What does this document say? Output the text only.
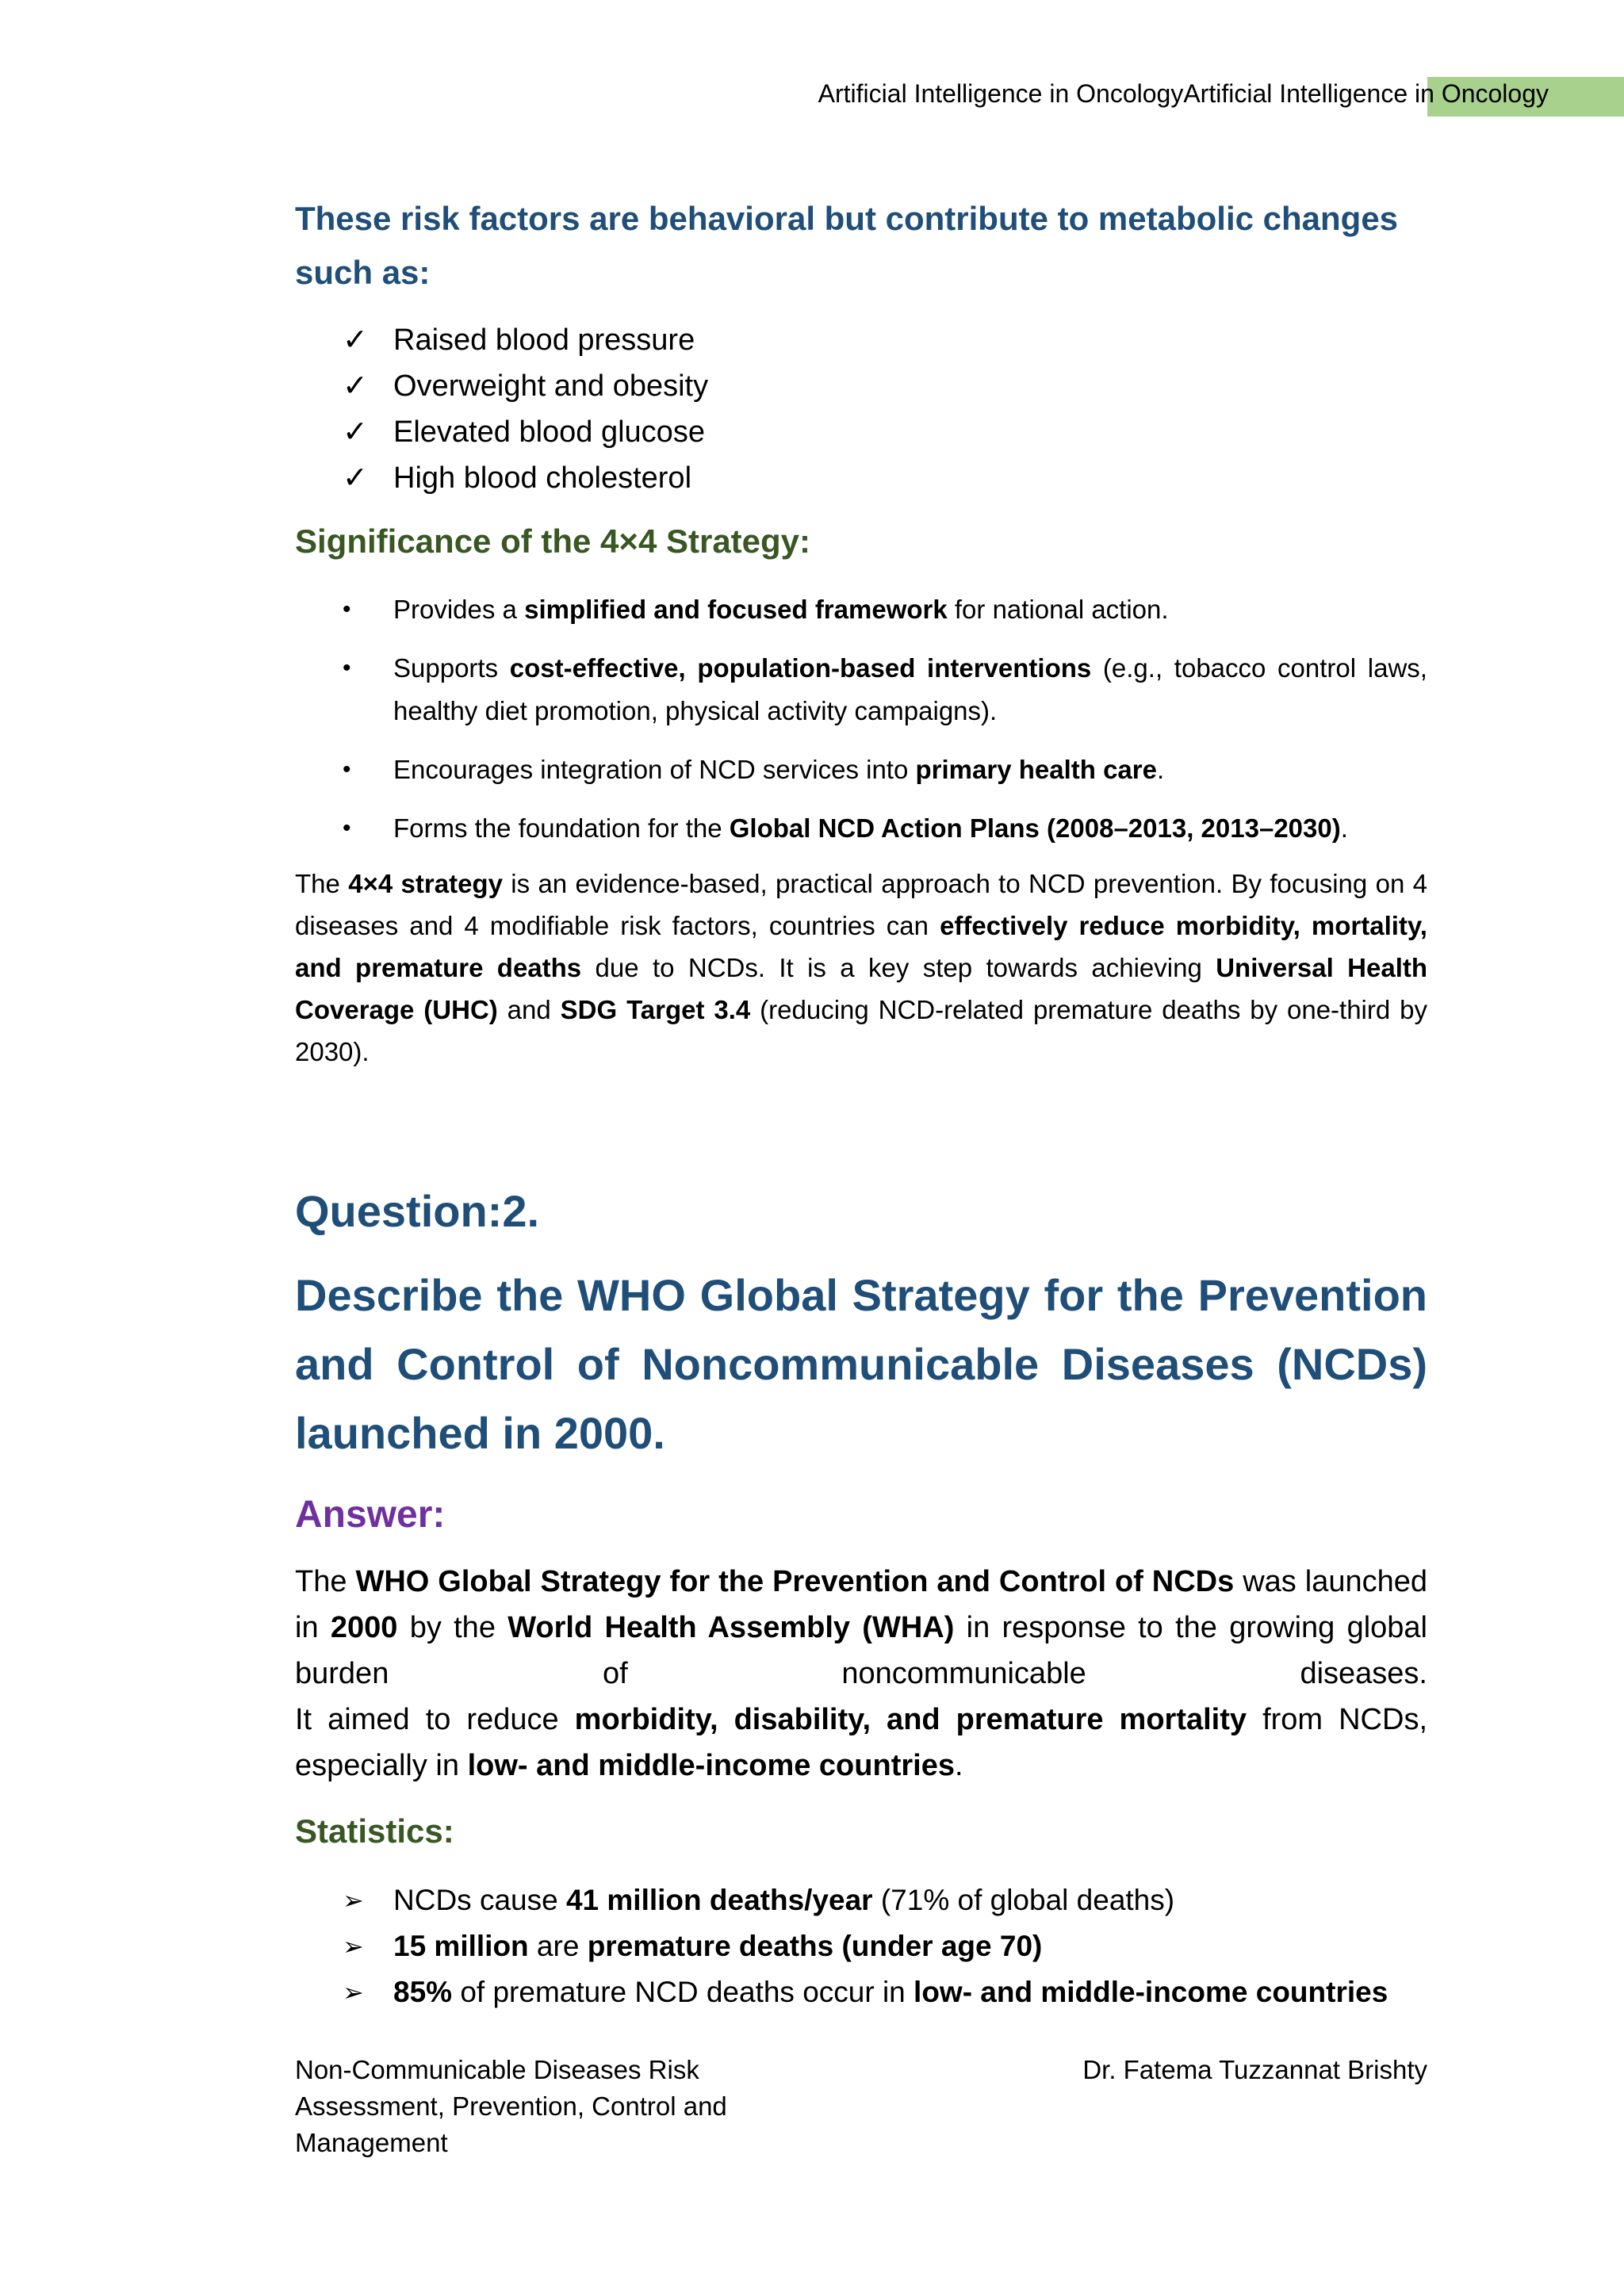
Artificial Intelligence in OncologyArtificial Intelligence in Oncology
These risk factors are behavioral but contribute to metabolic changes such as:
✓ Raised blood pressure
✓ Overweight and obesity
✓ Elevated blood glucose
✓ High blood cholesterol
Significance of the 4×4 Strategy:
• Provides a simplified and focused framework for national action.
• Supports cost-effective, population-based interventions (e.g., tobacco control laws, healthy diet promotion, physical activity campaigns).
• Encourages integration of NCD services into primary health care.
• Forms the foundation for the Global NCD Action Plans (2008–2013, 2013–2030).
The 4×4 strategy is an evidence-based, practical approach to NCD prevention. By focusing on 4 diseases and 4 modifiable risk factors, countries can effectively reduce morbidity, mortality, and premature deaths due to NCDs. It is a key step towards achieving Universal Health Coverage (UHC) and SDG Target 3.4 (reducing NCD-related premature deaths by one-third by 2030).
Question:2.
Describe the WHO Global Strategy for the Prevention and Control of Noncommunicable Diseases (NCDs) launched in 2000.
Answer:
The WHO Global Strategy for the Prevention and Control of NCDs was launched in 2000 by the World Health Assembly (WHA) in response to the growing global
burden	of	noncommunicable	diseases.
It aimed to reduce morbidity, disability, and premature mortality from NCDs, especially in low- and middle-income countries.
Statistics:
➢ NCDs cause 41 million deaths/year (71% of global deaths)
➢ 15 million are premature deaths (under age 70)
➢ 85% of premature NCD deaths occur in low- and middle-income countries
Non-Communicable Diseases Risk Assessment, Prevention, Control and Management
Dr. Fatema Tuzzannat Brishty
